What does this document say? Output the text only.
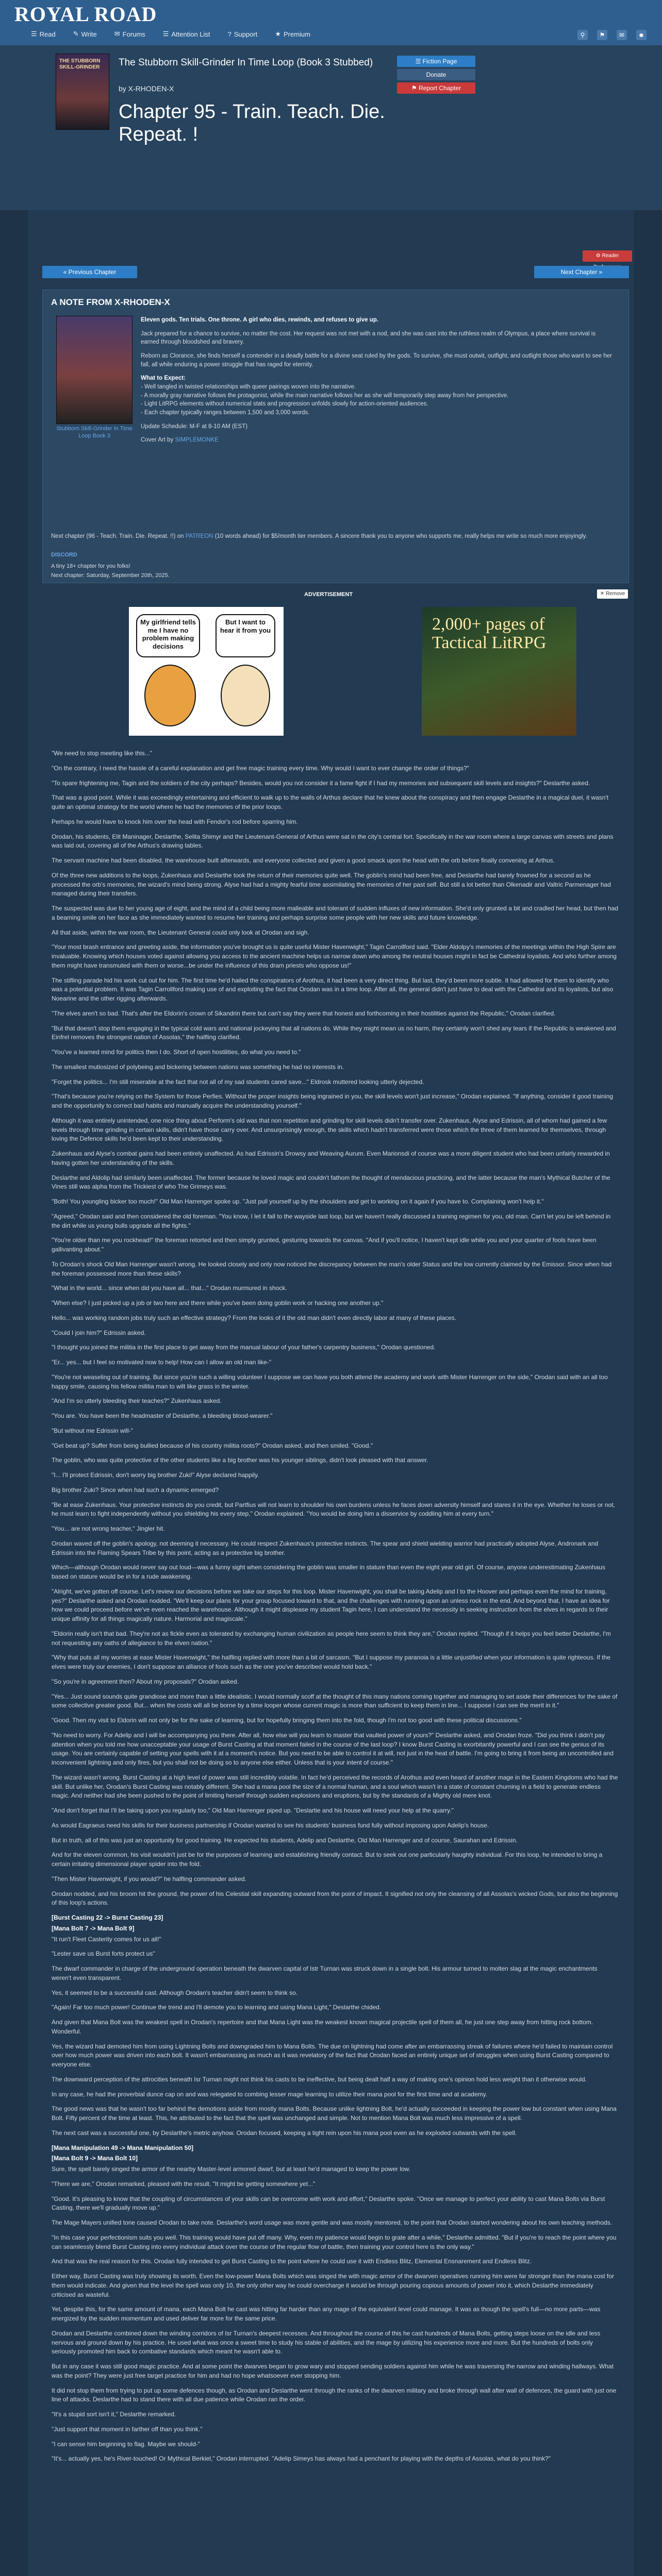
ROYAL ROAD
☰ Read	✎ Write	✉ Forums	☰ Attention List	? Support	★ Premium	⚲	⚑	✉	☻
THE STUBBORN SKILL-GRINDER	The Stubborn Skill-Grinder In Time Loop (Book 3 Stubbed)
by X-RHODEN-X
Chapter 95 - Train. Teach. Die. Repeat. !
☰ Fiction Page
Donate
⚑ Report Chapter
⚙ Reader
« Previous Chapter	Next Chapter »
A NOTE FROM X-RHODEN-X
Stubborn Skill-Grinder In Time Loop Book 3

Eleven gods. Ten trials. One throne. A girl who dies, rewinds, and refuses to give up.

Jack prepared for a chance to survive, no matter the cost. Her request was not met with a nod, and she was cast into the ruthless realm of Olympus, a place where survival is earned through bloodshed and bravery.

Reborn as Clorance, she finds herself a contender in a deadly battle for a divine seat ruled by the gods. To survive, she must outwit, outfight, and outlight those who want to see her fall, all while enduring a power struggle that has raged for eternity.

What to Expect:
- Well tangled in twisted relationships with queer pairings woven into the narrative.
- A morally gray narrative follows the protagonist, while the main narrative follows her as she will temporarily step away from her perspective.
- Light LitRPG elements without numerical stats and progression unfolds slowly for action-oriented audiences.
- Each chapter typically ranges between 1,500 and 3,000 words.

Update Schedule: M-F at 8-10 AM (EST)

Cover Art by SIMPLEMONKE

Next chapter (96 - Teach. Train. Die. Repeat. !!) on PATREON (10 words ahead) for $5/month tier members. A sincere thank you to anyone who supports me, really helps me write so much more enjoyingly.
DISCORD
A tiny 18+ chapter for you folks!
Next chapter: Saturday, September 20th, 2025.
ADVERTISEMENT	✕ Remove
My girlfriend tells me I have no problem making decisions
But I want to hear it from you	2,000+ pages of Tactical LitRPG

"We need to stop meeting like this..."

"On the contrary, I need the hassle of a careful explanation and get free magic training every time. Why would I want to ever change the order of things?"

"To spare frightening me, Tagin and the soldiers of the city perhaps? Besides, would you not consider it a fame fight if I had my memories and subsequent skill levels and insights?" Deslarthe asked.

That was a good point. While it was exceedingly entertaining and efficient to walk up to the walls of Arthus declare that he knew about the conspiracy and then engage Deslarthe in a magical duel, it wasn't quite an optimal strategy for the world where he had the memories of the prior loops.

Perhaps he would have to knock him over the head with Fendor's rod before sparring him.

Orodan, his students, Elit Maninager, Deslarthe, Selita Shimyr and the Lieutenant-General of Arthus were sat in the city's central fort. Specifically in the war room where a large canvas with streets and plans was laid out, covering all of the Arthus's drawing tables.

The servant machine had been disabled, the warehouse built afterwards, and everyone collected and given a good smack upon the head with the orb before finally convening at Arthus.

Of the three new additions to the loops, Zukenhaus and Deslarthe took the return of their memories quite well. The goblin's mind had been free, and Deslarthe had barely frowned for a second as he processed the orb's memories, the wizard's mind being strong. Alyse had had a mighty fearful time assimilating the memories of her past self. But still a lot better than Olkenadir and Valtric Parmenager had managed during their transfers.

The suspected was due to her young age of eight, and the mind of a child being more malleable and tolerant of sudden influxes of new information. She'd only grunted a bit and cradled her head, but then had a beaming smile on her face as she immediately wanted to resume her training and perhaps surprise some people with her new skills and future knowledge.

All that aside, within the war room, the Lieutenant General could only look at Orodan and sigh.

"Your most brash entrance and greeting aside, the information you've brought us is quite useful Mister Havenwight," Tagin Carrollford said. "Elder Aldolpy's memories of the meetings within the High Spire are invaluable. Knowing which houses voted against allowing you access to the ancient machine helps us narrow down who among the neutral houses might in fact be Cathedral loyalists. And who further among them might have transmuted with them or worse...be under the influence of this dram priests who oppose us!"

The stifling parade hid his work cut out for him. The first time he'd hailed the conspirators of Arothus, it had been a very direct thing. But last, they'd been more subtle. It had allowed for them to identify who was a potential problem. It was Tagin Carrollford making use of and exploiting the fact that Orodan was in a time loop. After all, the general didn't just have to deal with the Cathedral and its loyalists, but also Noearine and the other rigging afterwards.

"The elves aren't so bad. That's after the Eldorin's crown of Sikandrin there but can't say they were that honest and forthcoming in their hostilities against the Republic," Orodan clarified.

"But that doesn't stop them engaging in the typical cold wars and national jockeying that all nations do. While they might mean us no harm, they certainly won't shed any tears if the Republic is weakened and Einfrel removes the strongest nation of Assolas," the halfling clarified.

"You've a learned mind for politics then I do. Short of open hostilities, do what you need to."

The smallest mutiosized of polybeing and bickering between nations was something he had no interests in.

"Forget the politics... I'm still miserable at the fact that not all of my sad students cared save..." Eldrosk muttered looking utterly dejected.

"That's because you're relying on the System for those Perfies. Without the proper insights being ingrained in you, the skill levels won't just increase," Orodan explained. "If anything, consider it good training and the opportunity to correct bad habits and manually acquire the understanding yourself."

Although it was entirely unintended, one nice thing about Perform's old was that non repetition and grinding for skill levels didn't transfer over. Zukenhaus, Alyse and Edrissin, all of whom had gained a few levels through time grinding in certain skills, didn't have those carry over. And unsurprisingly enough, the skills which hadn't transferred were those which the three of them learned for themselves, through loving the Defence skills he'd been kept to their understanding.

Zukenhaus and Alyse's combat gains had been entirely unaffected. As had Edrissin's Drowsy and Weaving Aurum. Even Marionsdi of course was a more diligent student who had been unfairly rewarded in having gotten her understanding of the skills.

Deslarthe and Aldolip had similarly been unaffected. The former because he loved magic and couldn't fathom the thought of mendacious practicing, and the latter because the man's Mythical Butcher of the Vines still was alpha from the Trickiest of who The Grimeys was.

"Both! You youngling bicker too much!" Old Man Harrenger spoke up. "Just pull yourself up by the shoulders and get to working on it again if you have to. Complaining won't help it."

"Agreed," Orodan said and then considered the old foreman. "You know, I let it fall to the wayside last loop, but we haven't really discussed a training regimen for you, old man. Can't let you be left behind in the dirt while us young bulls upgrade all the fights."

"You're older than me you rockhead!" the foreman retorted and then simply grunted, gesturing towards the canvas. "And if you'll notice, I haven't kept idle while you and your quarter of fools have been gallivanting about."

To Orodan's shock Old Man Harrenger wasn't wrong. He looked closely and only now noticed the discrepancy between the man's older Status and the low currently claimed by the Emissor. Since when had the foreman possessed more than these skills?

"What in the world... since when did you have all... that..." Orodan murmured in shock.

"When else? I just picked up a job or two here and there while you've been doing goblin work or hacking one another up."

Hello... was working random jobs truly such an effective strategy? From the looks of it the old man didn't even directly labor at many of these places.

"Could I join him?" Edrissin asked.

"I thought you joined the militia in the first place to get away from the manual labour of your father's carpentry business," Orodan questioned.

"Er... yes... but I feel so motivated now to help! How can I allow an old man like-"

"You're not weaseling out of training. But since you're such a willing volunteer I suppose we can have you both attend the academy and work with Mister Harrenger on the side," Orodan said with an all too happy smile, causing his fellow militia man to wilt like grass in the winter.

"And I'm so utterly bleeding their teaches?" Zukenhaus asked.

"You are. You have been the headmaster of Deslarthe, a bleeding blood-wearer."

"But without me Edrissin will-"

"Get beat up? Suffer from being bullied because of his country militia roots?" Orodan asked, and then smiled. "Good."

The goblin, who was quite protective of the other students like a big brother was his younger siblings, didn't look pleased with that answer.

"I... I'll protect Edrissin, don't worry big brother Zuki!" Alyse declared happily.

Big brother Zuki? Since when had such a dynamic emerged?

"Be at ease Zukenhaus. Your protective instincts do you credit, but Partfius will not learn to shoulder his own burdens unless he faces down adversity himself and stares it in the eye. Whether he loses or not, he must learn to fight independently without you shielding his every step," Orodan explained. "You would be doing him a disservice by coddling him at every turn."

"You... are not wrong teacher," Jingler hit.

Orodan waved off the goblin's apology, not deeming it necessary. He could respect Zukenhaus's protective instincts. The spear and shield wielding warrior had practically adopted Alyse, Andronark and Edrissin into the Flaming Spears Tribe by this point, acting as a protective big brother.

Which—although Orodan would never say out loud—was a funny sight when considering the goblin was smaller in stature than even the eight year old girl. Of course, anyone underestimating Zukenhaus based on stature would be in for a rude awakening.

"Alright, we've gotten off course. Let's review our decisions before we take our steps for this loop. Mister Havenwight, you shall be taking Adelip and I to the Hoover and perhaps even the mind for training, yes?" Deslarthe asked and Orodan nodded. "We'll keep our plans for your group focused toward to that, and the challenges with running upon an unless rock in the end. And beyond that, I have an idea for how we could proceed before we've even reached the warehouse. Although it might displease my student Tagin here, I can understand the necessity in seeking instruction from the elves in regards to their unique affinity for all things magically nature. Harmorial and magiscale."

"Eldorin really isn't that bad. They're not as fickle even as tolerated by exchanging human civilization as people here seem to think they are," Orodan replied. "Though if it helps you feel better Deslarthe, I'm not requesting any oaths of allegiance to the elven nation."

"Why that puts all my worries at ease Mister Havenwight," the halfling replied with more than a bit of sarcasm. "But I suppose my paranoia is a little unjustified when your information is quite righteous. If the elves were truly our enemies, I don't suppose an alliance of fools such as the one you've described would hold back."

"So you're in agreement then? About my proposals?" Orodan asked.

"Yes... Just sound sounds quite grandiose and more than a little idealistic. I would normally scoff at the thought of this many nations coming together and managing to set aside their differences for the sake of some collective greater good. But... when the costs will all be borne by a time looper whose current magic is more than sufficient to keep them in line... I suppose I can see the merit in it."

"Good. Then my visit to Eldorin will not only be for the sake of learning, but for hopefully bringing them into the fold, though I'm not too good with these political discussions."

"No need to worry. For Adelip and I will be accompanying you there. After all, how else will you learn to master that vaulted power of yours?" Deslarthe asked, and Orodan froze. "Did you think I didn't pay attention when you told me how unacceptable your usage of Burst Casting at that moment failed in the course of the last loop? I know Burst Casting is exorbitantly powerful and I can see the genius of its usage. You are certainly capable of setting your spells with it at a moment's notice. But you need to be able to control it at will, not just in the heat of battle. I'm going to bring it from being an uncontrolled and inconvenient lightning and only fires, but you shall not be doing so to anyone else either. Unless that is your intent of course."

The wizard wasn't wrong. Burst Casting at a high level of power was still incredibly volatile. In fact he'd perceived the records of Arothus and even heard of another mage in the Eastern Kingdoms who had the skill. But unlike her, Orodan's Burst Casting was notably different. She had a mana pool the size of a normal human, and a soul which wasn't in a state of constant churning in a field to generate endless magic. And neither had she been pushed to the point of limiting herself through sudden explosions and eruptions, but by the standards of a Mighty old mere knot.

"And don't forget that I'll be taking upon you regularly too," Old Man Harrenger piped up. "Deslartie and his house will need your help at the quarry."

As would Eagraeus need his skills for their business partnership if Orodan wanted to see his students' business fund fully without imposing upon Adelip's house.

But in truth, all of this was just an opportunity for good training. He expected his students, Adelip and Deslarthe, Old Man Harrenger and of course, Saurahan and Edrissin.

And for the eleven common, his visit wouldn't just be for the purposes of learning and establishing friendly contact. But to seek out one particularly haughty individual. For this loop, he intended to bring a certain irritating dimensional player spider into the fold.

"Then Mister Havenwight, if you would?" he halfling commander asked.

Orodan nodded, and his broom hit the ground, the power of his Celestial skill expanding outward from the point of impact. It signified not only the cleansing of all Assolas's wicked Gods, but also the beginning of this loop's actions.

[Burst Casting 22 -> Burst Casting 23]

[Mana Bolt 7 -> Mana Bolt 9]

"It run't Fleet Casterity comes for us all!"

"Lester save us Burst forts protect us"

The dwarf commander in charge of the underground operation beneath the dwarven capital of Istr Turnan was struck down in a single bolt. His armour turned to molten slag at the magic enchantments weren't even transparent.

Yes, it seemed to be a successful cast. Although Orodan's teacher didn't seem to think so.

"Again! Far too much power! Continue the trend and I'll demote you to learning and using Mana Light," Deslarthe chided.

And given that Mana Bolt was the weakest spell in Orodan's repertoire and that Mana Light was the weakest known magical projectile spell of them all, he just one step away from hitting rock bottom. Wonderful.

Yes, the wizard had demoted him from using Lightning Bolts and downgraded him to Mana Bolts. The due on lightning had come after an embarrassing streak of failures where he'd failed to maintain control over how much power was driven into each bolt. It wasn't embarrassing as much as it was revelatory of the fact that Orodan faced an entirely unique set of struggles when using Burst Casting compared to everyone else.

The downward perception of the attrocities beneath Isr Turnan might not think his casts to be ineffective, but being dealt half a way of making one's opinion hold less weight than it otherwise would.

In any case, he had the proverbial dunce cap on and was relegated to combing lesser mage learning to utilize their mana pool for the first time and at academy.

The good news was that he wasn't too far behind the demotions aside from mostly mana Bolts. Because unlike lightning Bolt, he'd actually succeeded in keeping the power low but constant when using Mana Bolt. Fifty percent of the time at least. This, he attributed to the fact that the spell was unchanged and simple. Not to mention Mana Bolt was much less impressive of a spell.

The next cast was a successful one, by Deslarthe's metric anyhow. Orodan focused, keeping a tight rein upon his mana pool even as he exploded outwards with the spell.

[Mana Manipulation 49 -> Mana Manipulation 50]

[Mana Bolt 9 -> Mana Bolt 10]

Sure, the spell barely singed the armor of the nearby Master-level armored dwarf, but at least he'd managed to keep the power low.

"There we are," Orodan remarked, pleased with the result. "It might be getting somewhere yet..."

"Good. It's pleasing to know that the coupling of circumstances of your skills can be overcome with work and effort," Deslarthe spoke. "Once we manage to perfect your ability to cast Mana Bolts via Burst Casting, there we'll gradually move up."

The Mage Mayers unified tone caused Orodan to take note. Deslarthe's word usage was more gentle and was mostly mentored, to the point that Orodan started wondering about his own teaching methods.

"In this case your perfectionism suits you well. This training would have put off many. Why, even my patience would begin to grate after a while," Deslarthe admitted. "But if you're to reach the point where you can seamlessly blend Burst Casting into every individual attack over the course of the regular flow of battle, then training your control here is the only way."

And that was the real reason for this. Orodan fully intended to get Burst Casting to the point where he could use it with Endless Blitz, Elemental Ensnarement and Endless Blitz.

Either way, Burst Casting was truly showing its worth. Even the low-power Mana Bolts which was singed the with magic armor of the dwarven operatives running him were far stronger than the mana cost for them would indicate. And given that the level the spell was only 10, the only other way he could overcharge it would be through pouring copious amounts of power into it, which Deslarthe immediately criticised as wasteful.

Yet, despite this, for the same amount of mana, each Mana Bolt he cast was hitting far harder than any mage of the equivalent level could manage. It was as though the spell's full—no more parts—was energized by the sudden momentum and used deliver far more for the same price.

Orodan and Deslarthe combined down the winding corridors of Isr Turnan's deepest recesses. And throughout the course of this he cast hundreds of Mana Bolts, getting steps loose on the idle and less nervous and ground down by his practice. He used what was once a sweet time to study his stable of abilities, and the mage by utilizing his experience more and more. But the hundreds of bolts only seriously promoted him back to combative standards which meant he wasn't able to.

But in any case it was still good magic practice. And at some point the dwarves began to grow wary and stopped sending soldiers against him while he was traversing the narrow and winding hallways. What was the point? They were just free target practice for him and had no hope whatsoever ever stopping him.

It did not stop them from trying to put up some defences though, as Orodan and Deslarthe went through the ranks of the dwarven military and broke through wall after wall of defences, the guard with just one line of attacks. Deslarthe had to stand there with all due patience while Orodan ran the order.

"It's a stupid sort isn't it," Deslarthe remarked.

"Just support that moment in farther off than you think."

"I can sense him beginning to flag. Maybe we should-"

"It's... actually yes, he's River-touched! Or Mythical Berkiel," Orodan interrupted. "Adelip Simeys has always had a penchant for playing with the depths of Assolas, what do you think?"
